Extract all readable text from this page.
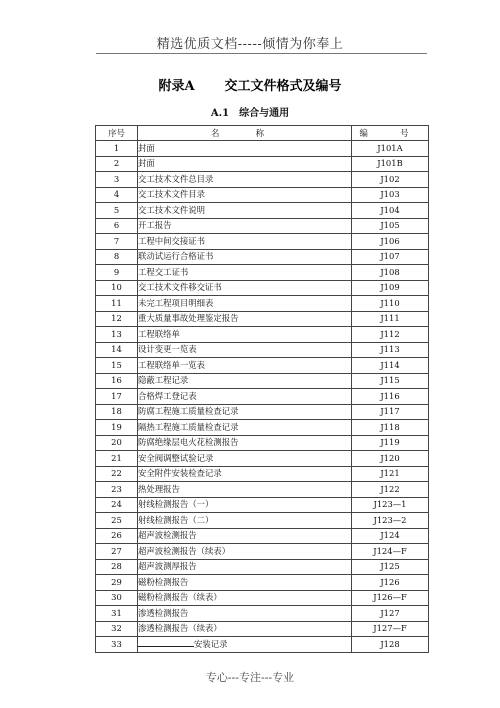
精选优质文档-----倾情为你奉上
附录A 交工文件格式及编号
A.1 综合与通用
序号	名　称	编　号
1	封面	J101A
2	封面	J101B
3	交工技术文件总目录	J102
4	交工技术文件目录	J103
5	交工技术文件说明	J104
6	开工报告	J105
7	工程中间交接证书	J106
8	联动试运行合格证书	J107
9	工程交工证书	J108
10	交工技术文件移交证书	J109
11	未完工程项目明细表	J110
12	重大质量事故处理鉴定报告	J111
13	工程联络单	J112
14	设计变更一览表	J113
15	工程联络单一览表	J114
16	隐蔽工程记录	J115
17	合格焊工登记表	J116
18	防腐工程施工质量检查记录	J117
19	隔热工程施工质量检查记录	J118
20	防腐绝缘层电火花检测报告	J119
21	安全阀调整试验记录	J120
22	安全附件安装检查记录	J121
23	热处理报告	J122
24	射线检测报告（一）	J123—1
25	射线检测报告（二）	J123—2
26	超声波检测报告	J124
27	超声波检测报告（续表）	J124—F
28	超声波测厚报告	J125
29	磁粉检测报告	J126
30	磁粉检测报告（续表）	J126—F
31	渗透检测报告	J127
32	渗透检测报告（续表）	J127—F
33	安装记录	J128
专心---专注---专业
